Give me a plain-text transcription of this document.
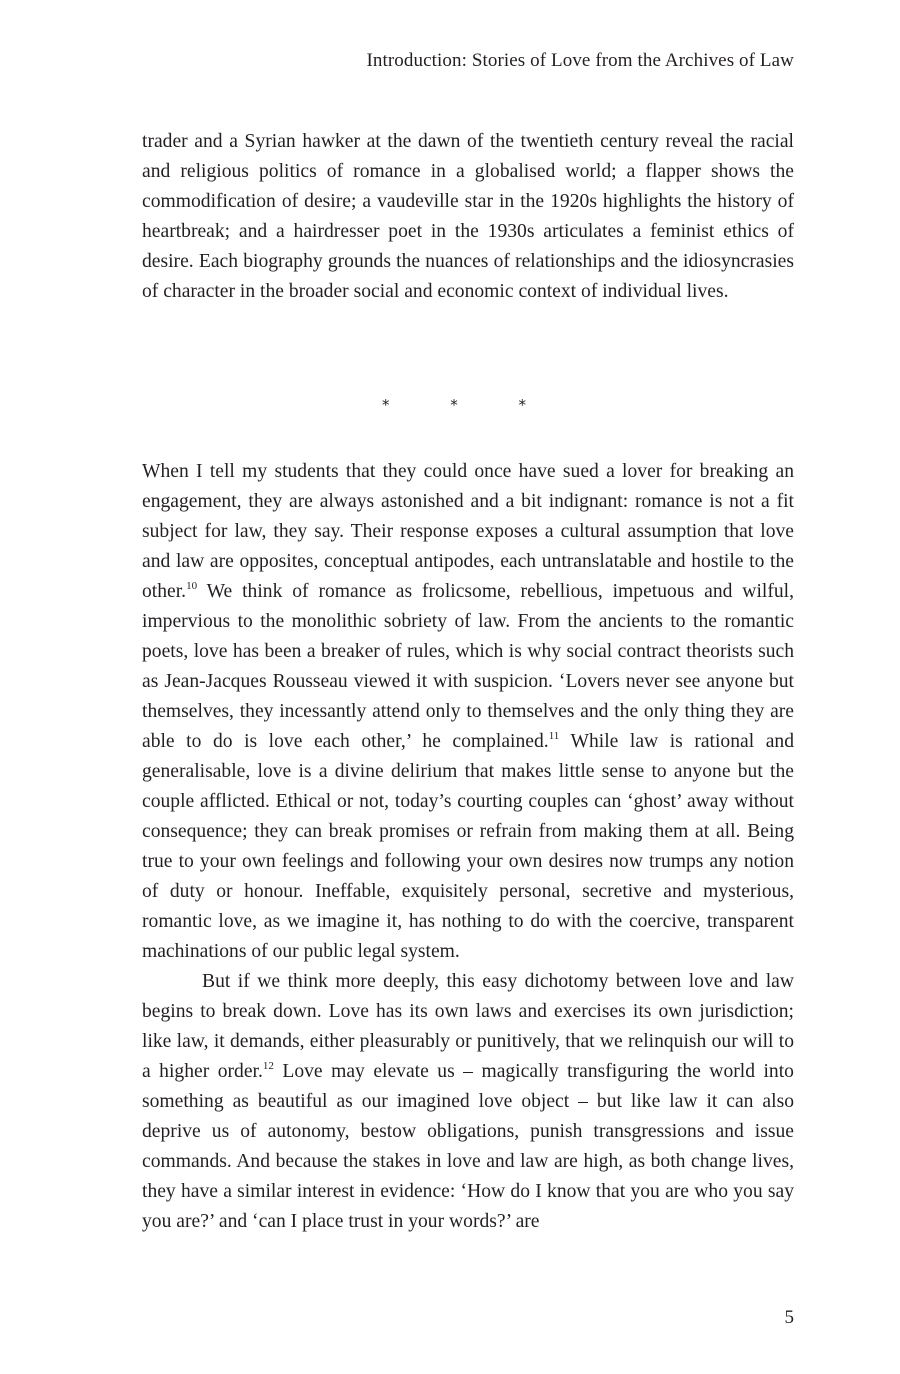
Introduction: Stories of Love from the Archives of Law

trader and a Syrian hawker at the dawn of the twentieth century reveal the racial and religious politics of romance in a globalised world; a flapper shows the commodification of desire; a vaudeville star in the 1920s highlights the history of heartbreak; and a hairdresser poet in the 1930s articulates a feminist ethics of desire. Each biography grounds the nuances of relationships and the idiosyncrasies of character in the broader social and economic context of individual lives.

* * *

When I tell my students that they could once have sued a lover for breaking an engagement, they are always astonished and a bit indignant: romance is not a fit subject for law, they say. Their response exposes a cultural assumption that love and law are opposites, conceptual antipodes, each untranslatable and hostile to the other.$^{10}$ We think of romance as frolicsome, rebellious, impetuous and wilful, impervious to the monolithic sobriety of law. From the ancients to the romantic poets, love has been a breaker of rules, which is why social contract theorists such as Jean-Jacques Rousseau viewed it with suspicion. ‘Lovers never see anyone but themselves, they incessantly attend only to themselves and the only thing they are able to do is love each other,’ he complained.$^{11}$ While law is rational and generalisable, love is a divine delirium that makes little sense to anyone but the couple afflicted. Ethical or not, today’s courting couples can ‘ghost’ away without consequence; they can break promises or refrain from making them at all. Being true to your own feelings and following your own desires now trumps any notion of duty or honour. Ineffable, exquisitely personal, secretive and mysterious, romantic love, as we imagine it, has nothing to do with the coercive, transparent machinations of our public legal system.

But if we think more deeply, this easy dichotomy between love and law begins to break down. Love has its own laws and exercises its own jurisdiction; like law, it demands, either pleasurably or punitively, that we relinquish our will to a higher order.$^{12}$ Love may elevate us – magically transfiguring the world into something as beautiful as our imagined love object – but like law it can also deprive us of autonomy, bestow obligations, punish transgressions and issue commands. And because the stakes in love and law are high, as both change lives, they have a similar interest in evidence: ‘How do I know that you are who you say you are?’ and ‘can I place trust in your words?’ are

5
